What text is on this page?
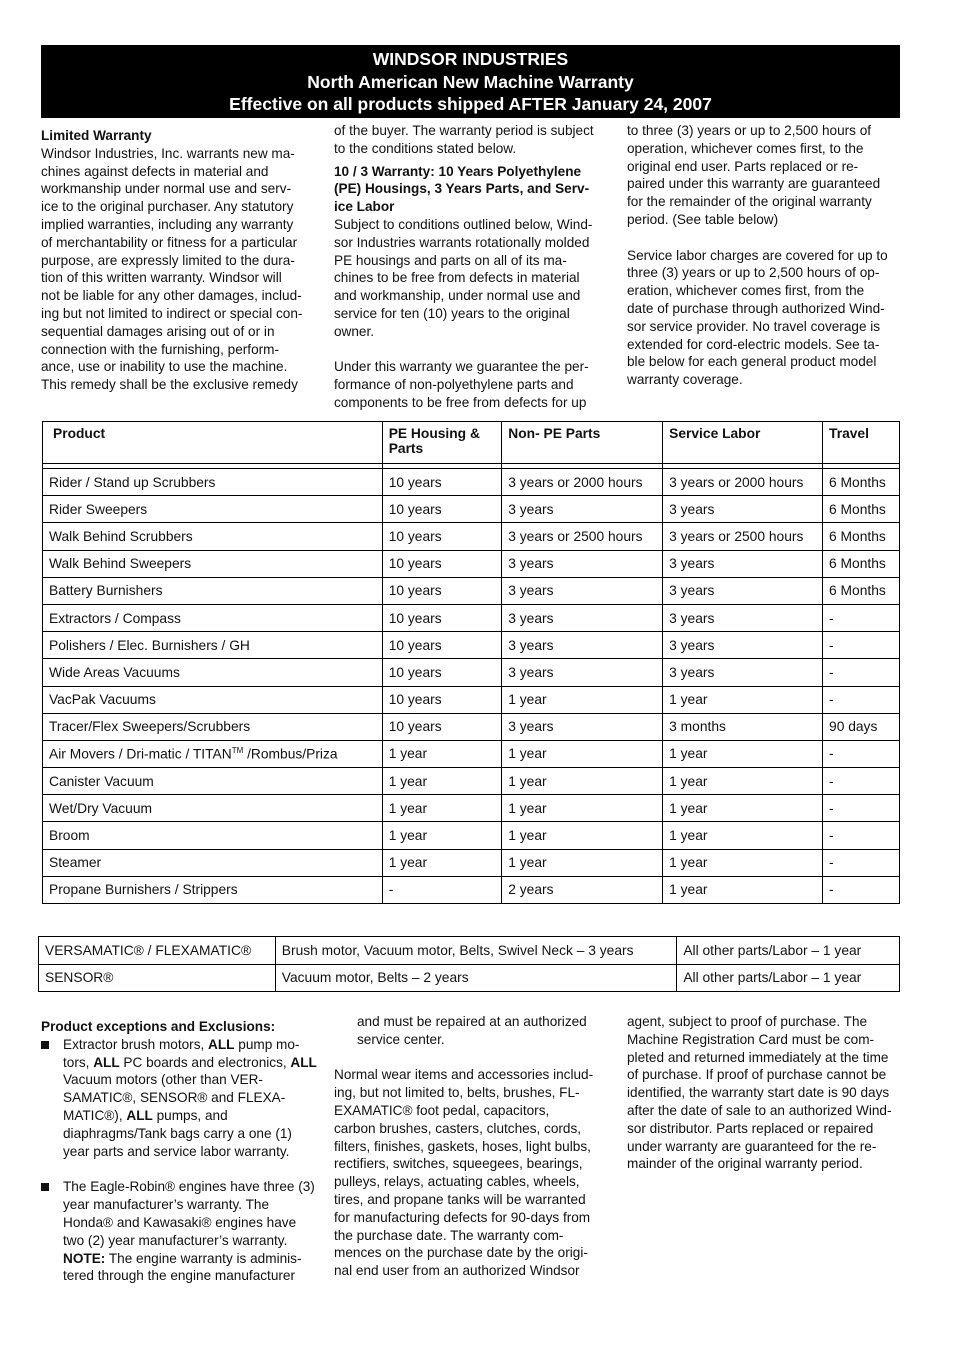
WINDSOR INDUSTRIES
North American New Machine Warranty
Effective on all products shipped AFTER January 24, 2007

Limited Warranty

Windsor Industries, Inc. warrants new ma-

chines against defects in material and

workmanship under normal use and serv-

ice to the original purchaser. Any statutory

implied warranties, including any warranty

of merchantability or fitness for a particular

purpose, are expressly limited to the dura-

tion of this written warranty. Windsor will

not be liable for any other damages, includ-

ing but not limited to indirect or special con-

sequential damages arising out of or in

connection with the furnishing, perform-

ance, use or inability to use the machine.

This remedy shall be the exclusive remedy

of the buyer. The warranty period is subject

to the conditions stated below.

10 / 3 Warranty: 10 Years Polyethylene

(PE) Housings, 3 Years Parts, and Serv-

ice Labor

Subject to conditions outlined below, Wind-

sor Industries warrants rotationally molded

PE housings and parts on all of its ma-

chines to be free from defects in material

and workmanship, under normal use and

service for ten (10) years to the original

owner.

Under this warranty we guarantee the per-

formance of non-polyethylene parts and

components to be free from defects for up

to three (3) years or up to 2,500 hours of

operation, whichever comes first, to the

original end user. Parts replaced or re-

paired under this warranty are guaranteed

for the remainder of the original warranty

period. (See table below)

Service labor charges are covered for up to

three (3) years or up to 2,500 hours of op-

eration, whichever comes first, from the

date of purchase through authorized Wind-

sor service provider. No travel coverage is

extended for cord-electric models. See ta-

ble below for each general product model

warranty coverage.

Product	PE Housing & Parts	Non- PE Parts	Service Labor	Travel

Rider / Stand up Scrubbers	10 years	3 years or 2000 hours	3 years or 2000 hours	6 Months
Rider Sweepers	10 years	3 years	3 years	6 Months
Walk Behind Scrubbers	10 years	3 years or 2500 hours	3 years or 2500 hours	6 Months
Walk Behind Sweepers	10 years	3 years	3 years	6 Months
Battery Burnishers	10 years	3 years	3 years	6 Months
Extractors / Compass	10 years	3 years	3 years	-
Polishers / Elec. Burnishers / GH	10 years	3 years	3 years	-
Wide Areas Vacuums	10 years	3 years	3 years	-
VacPak Vacuums	10 years	1 year	1 year	-
Tracer/Flex Sweepers/Scrubbers	10 years	3 years	3 months	90 days
Air Movers / Dri-matic / TITAN™ /Rombus/Priza	1 year	1 year	1 year	-
Canister Vacuum	1 year	1 year	1 year	-
Wet/Dry Vacuum	1 year	1 year	1 year	-
Broom	1 year	1 year	1 year	-
Steamer	1 year	1 year	1 year	-
Propane Burnishers / Strippers	-	2 years	1 year	-
VERSAMATIC® / FLEXAMATIC®	Brush motor, Vacuum motor, Belts, Swivel Neck – 3 years	All other parts/Labor – 1 year
SENSOR®	Vacuum motor, Belts – 2 years	All other parts/Labor – 1 year

Product exceptions and Exclusions:

Extractor brush motors, ALL pump mo-tors, ALL PC boards and electronics, ALL Vacuum motors (other than VER-SAMATIC®, SENSOR® and FLEXA-MATIC®), ALL pumps, and diaphragms/Tank bags carry a one (1) year parts and service labor warranty.
The Eagle-Robin® engines have three (3) year manufacturer’s warranty. The Honda® and Kawasaki® engines have two (2) year manufacturer’s warranty. NOTE: The engine warranty is adminis-tered through the engine manufacturer

and must be repaired at an authorized

service center.

Normal wear items and accessories includ-

ing, but not limited to, belts, brushes, FL-

EXAMATIC® foot pedal, capacitors,

carbon brushes, casters, clutches, cords,

filters, finishes, gaskets, hoses, light bulbs,

rectifiers, switches, squeegees, bearings,

pulleys, relays, actuating cables, wheels,

tires, and propane tanks will be warranted

for manufacturing defects for 90-days from

the purchase date. The warranty com-

mences on the purchase date by the origi-

nal end user from an authorized Windsor

agent, subject to proof of purchase. The

Machine Registration Card must be com-

pleted and returned immediately at the time

of purchase. If proof of purchase cannot be

identified, the warranty start date is 90 days

after the date of sale to an authorized Wind-

sor distributor. Parts replaced or repaired

under warranty are guaranteed for the re-

mainder of the original warranty period.
